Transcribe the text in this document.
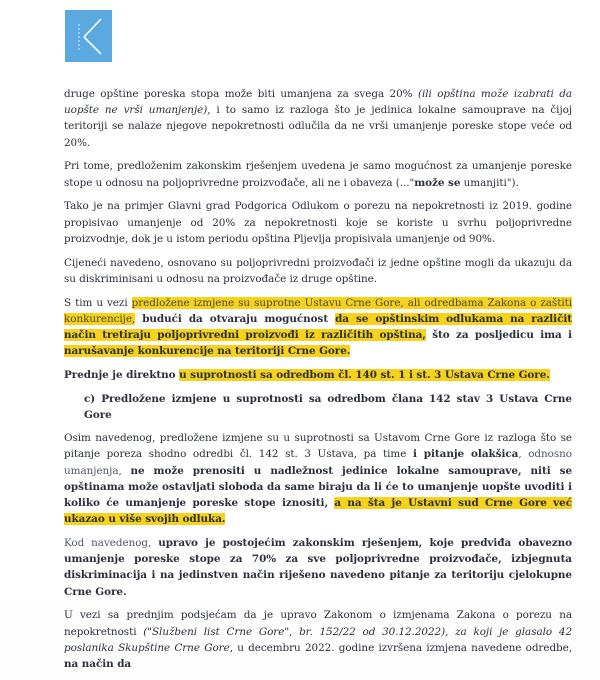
druge opštine poreska stopa može biti umanjena za svega 20% (ili opština može izabrati da uopšte ne vrši umanjenje), i to samo iz razloga što je jedinica lokalne samouprave na čijoj teritoriji se nalaze njegove nepokretnosti odlučila da ne vrši umanjenje poreske stope veće od 20%.

Pri tome, predloženim zakonskim rješenjem uvedena je samo mogućnost za umanjenje poreske stope u odnosu na poljoprivredne proizvođače, ali ne i obaveza (..."može se umanjiti").

Tako je na primjer Glavni grad Podgorica Odlukom o porezu na nepokretnosti iz 2019. godine propisivao umanjenje od 20% za nepokretnosti koje se koriste u svrhu poljoprivredne proizvodnje, dok je u istom periodu opština Pljevlja propisivala umanjenje od 90%.

Cijeneći navedeno, osnovano su poljoprivredni proizvođači iz jedne opštine mogli da ukazuju da su diskriminisani u odnosu na proizvođače iz druge opštine.

S tim u vezi predložene izmjene su suprotne Ustavu Crne Gore, ali odredbama Zakona o zaštiti konkurencije, budući da otvaraju mogućnost da se opštinskim odlukama na različit način tretiraju poljoprivredni proizvođi iz različitih opština, što za posljedicu ima i narušavanje konkurencije na teritoriji Crne Gore.

Prednje je direktno u suprotnosti sa odredbom čl. 140 st. 1 i st. 3 Ustava Crne Gore.

c) Predložene izmjene u suprotnosti sa odredbom člana 142 stav 3 Ustava Crne Gore

Osim navedenog, predložene izmjene su u suprotnosti sa Ustavom Crne Gore iz razloga što se pitanje poreza shodno odredbi čl. 142 st. 3 Ustava, pa time i pitanje olakšica, odnosno umanjenja, ne može prenositi u nadležnost jedinice lokalne samouprave, niti se opštinama može ostavljati sloboda da same biraju da li će to umanjenje uopšte uvoditi i koliko će umanjenje poreske stope iznositi, a na šta je Ustavni sud Crne Gore već ukazao u više svojih odluka.

Kod navedenog, upravo je postojećim zakonskim rješenjem, koje predviđa obavezno umanjenje poreske stope za 70% za sve poljoprivredne proizvođače, izbjegnuta diskriminacija i na jedinstven način riješeno navedeno pitanje za teritoriju cjelokupne Crne Gore.

U vezi sa prednjim podsjećam da je upravo Zakonom o izmjenama Zakona o porezu na nepokretnosti ("Službeni list Crne Gore", br. 152/22 od 30.12.2022), za koji je glasalo 42 poslanika Skupštine Crne Gore, u decembru 2022. godine izvršena izmjena navedene odredbe, na način da
